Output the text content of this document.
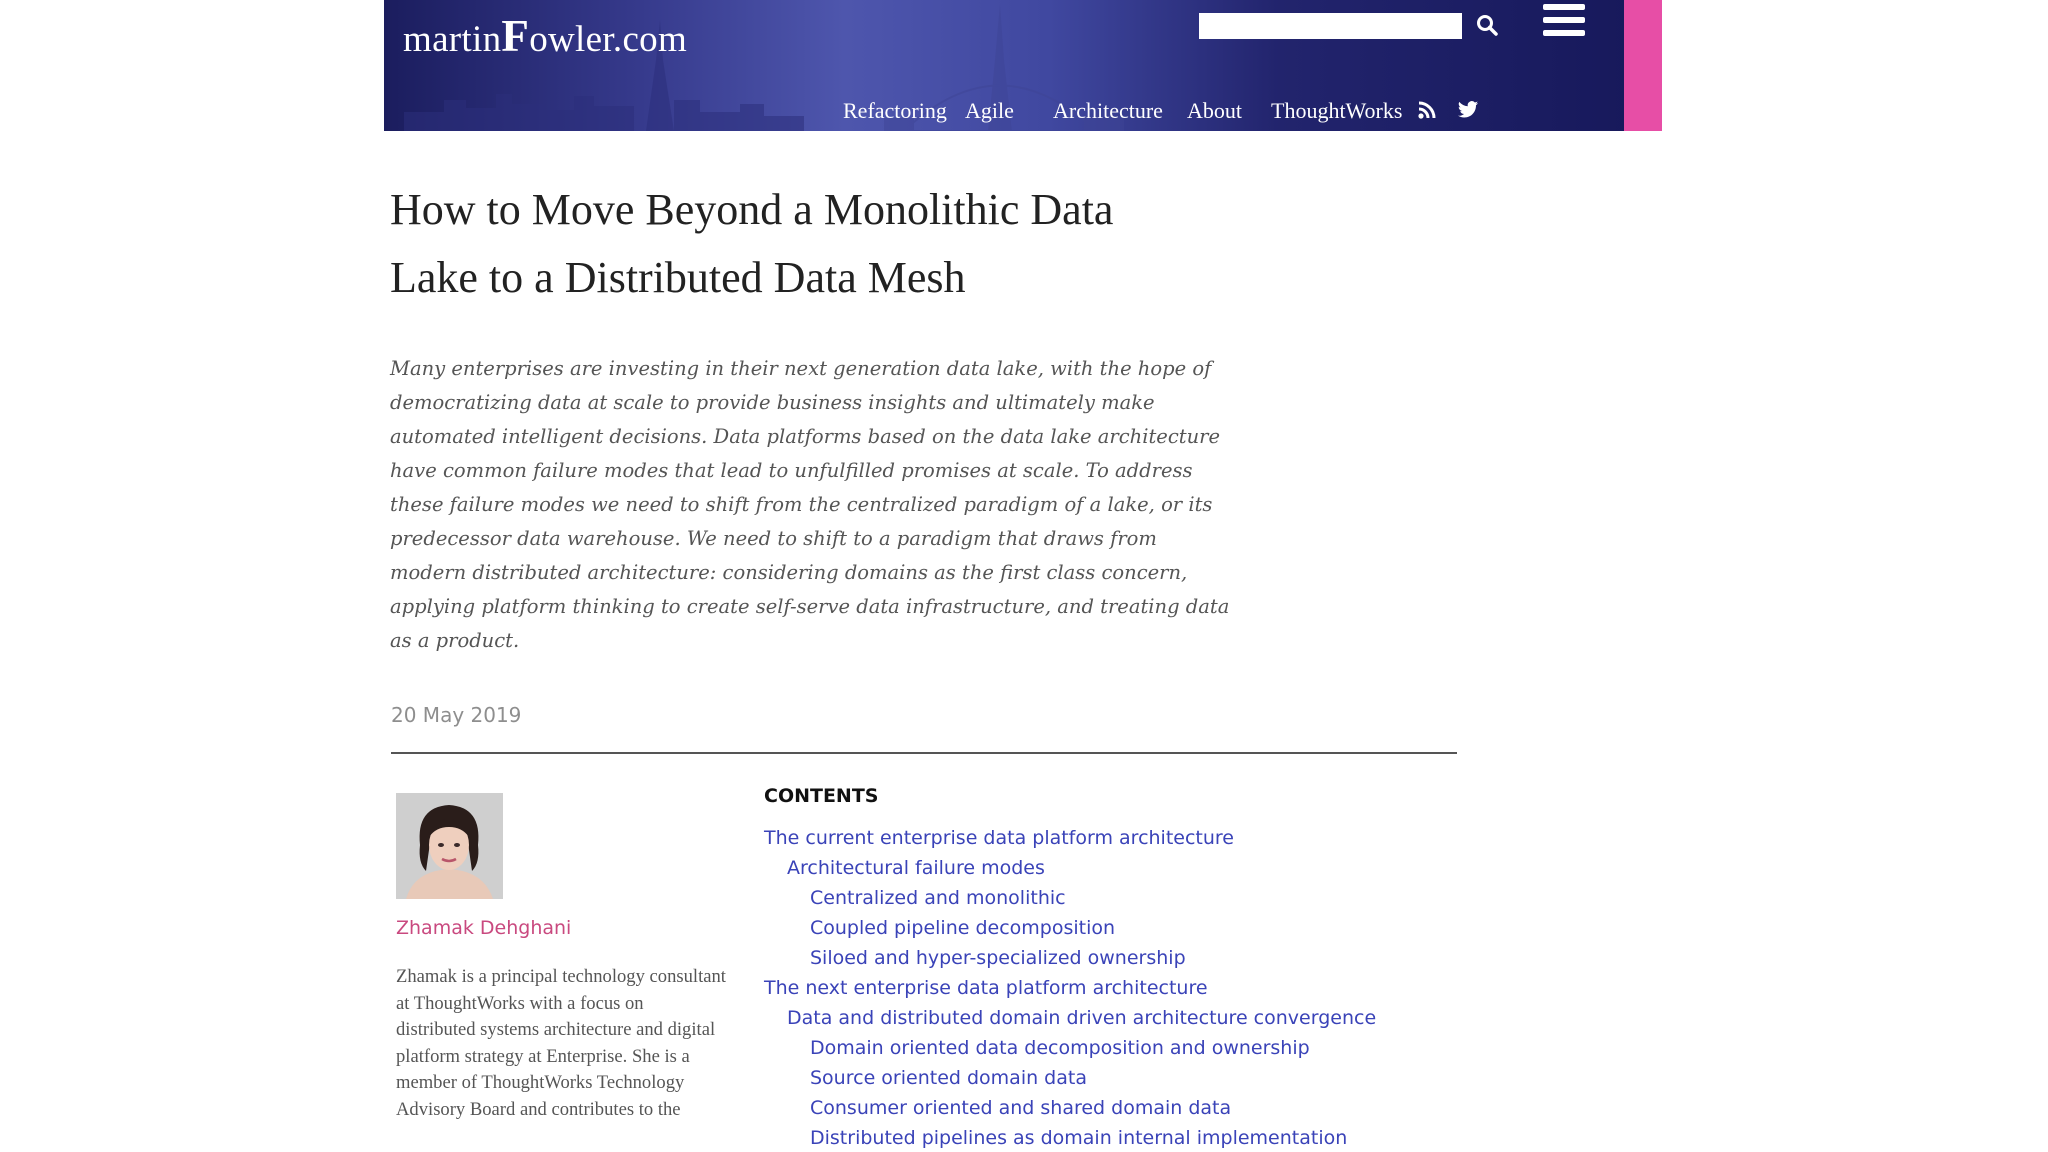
martinFowler.com
Refactoring Agile Architecture About ThoughtWorks
How to Move Beyond a Monolithic Data
Lake to a Distributed Data Mesh

Many enterprises are investing in their next generation data lake, with the hope of democratizing data at scale to provide business insights and ultimately make automated intelligent decisions. Data platforms based on the data lake architecture have common failure modes that lead to unfulfilled promises at scale. To address these failure modes we need to shift from the centralized paradigm of a lake, or its predecessor data warehouse. We need to shift to a paradigm that draws from modern distributed architecture: considering domains as the first class concern, applying platform thinking to create self-serve data infrastructure, and treating data as a product.

20 May 2019
Zhamak Dehghani

Zhamak is a principal technology consultant at ThoughtWorks with a focus on distributed systems architecture and digital platform strategy at Enterprise. She is a member of ThoughtWorks Technology Advisory Board and contributes to the

CONTENTS
The current enterprise data platform architecture
Architectural failure modes
Centralized and monolithic
Coupled pipeline decomposition
Siloed and hyper-specialized ownership
The next enterprise data platform architecture
Data and distributed domain driven architecture convergence
Domain oriented data decomposition and ownership
Source oriented domain data
Consumer oriented and shared domain data
Distributed pipelines as domain internal implementation
